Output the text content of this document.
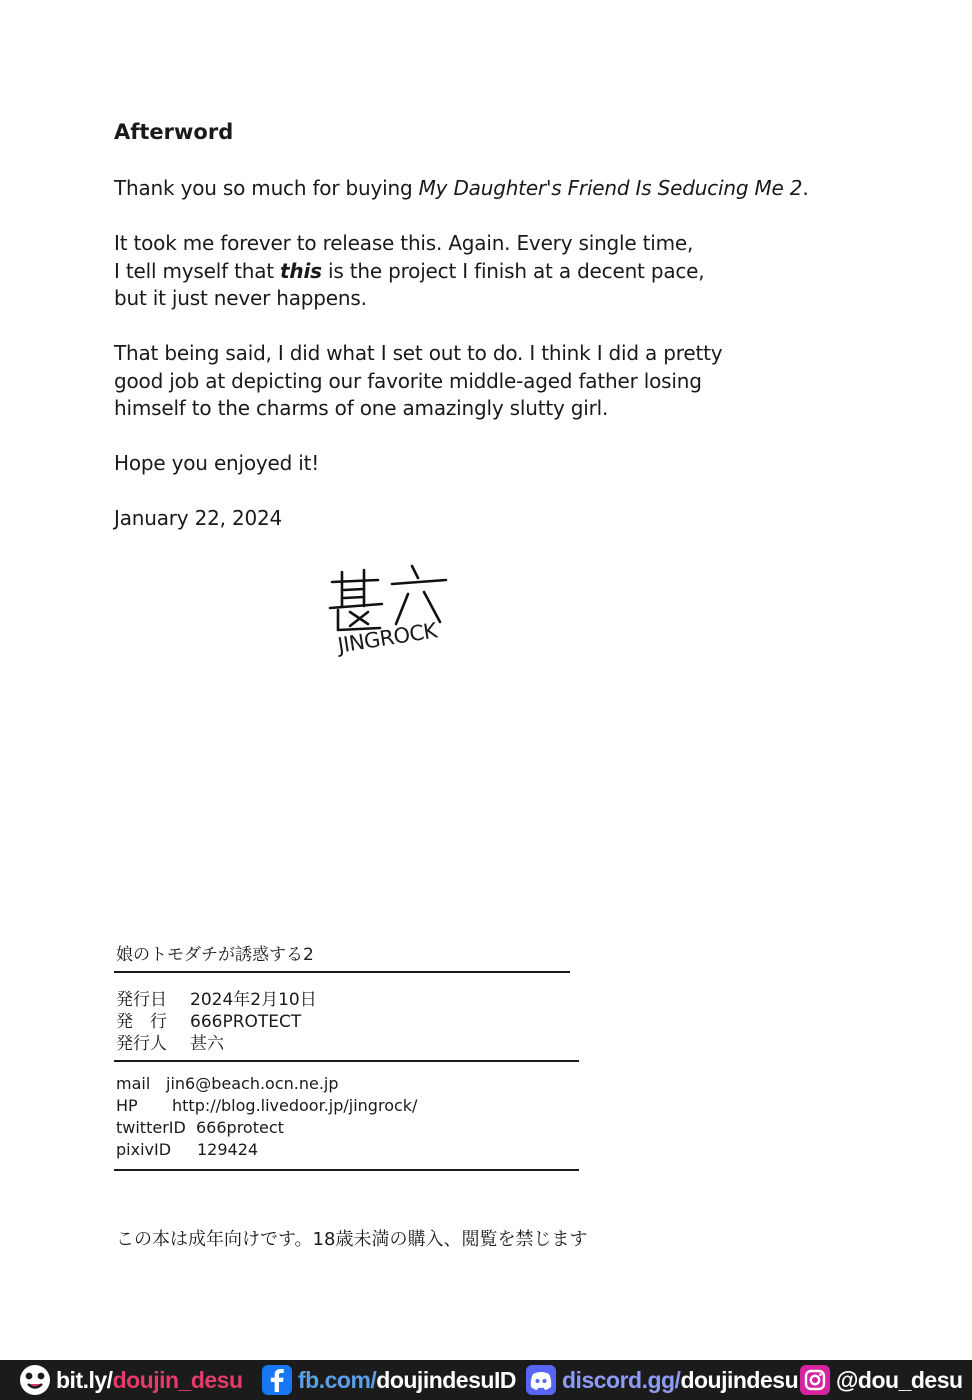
Afterword

Thank you so much for buying My Daughter's Friend Is Seducing Me 2.

It took me forever to release this. Again. Every single time,
I tell myself that this is the project I finish at a decent pace,
but it just never happens.

That being said, I did what I set out to do. I think I did a pretty
good job at depicting our favorite middle-aged father losing
himself to the charms of one amazingly slutty girl.

Hope you enjoyed it!

January 22, 2024

JINGROCK
娘のトモダチが誘惑する2
発行日 2024年2月10日
発　行 666PROTECT
発行人 甚六
mail jin6@beach.ocn.ne.jp
HP http://blog.livedoor.jp/jingrock/
twitterID 666protect
pixivID 129424
この本は成年向けです。18歳未満の購入、閲覧を禁じます
bit.ly/doujin_desu fb.com/doujindesuID discord.gg/doujindesu @dou_desu
